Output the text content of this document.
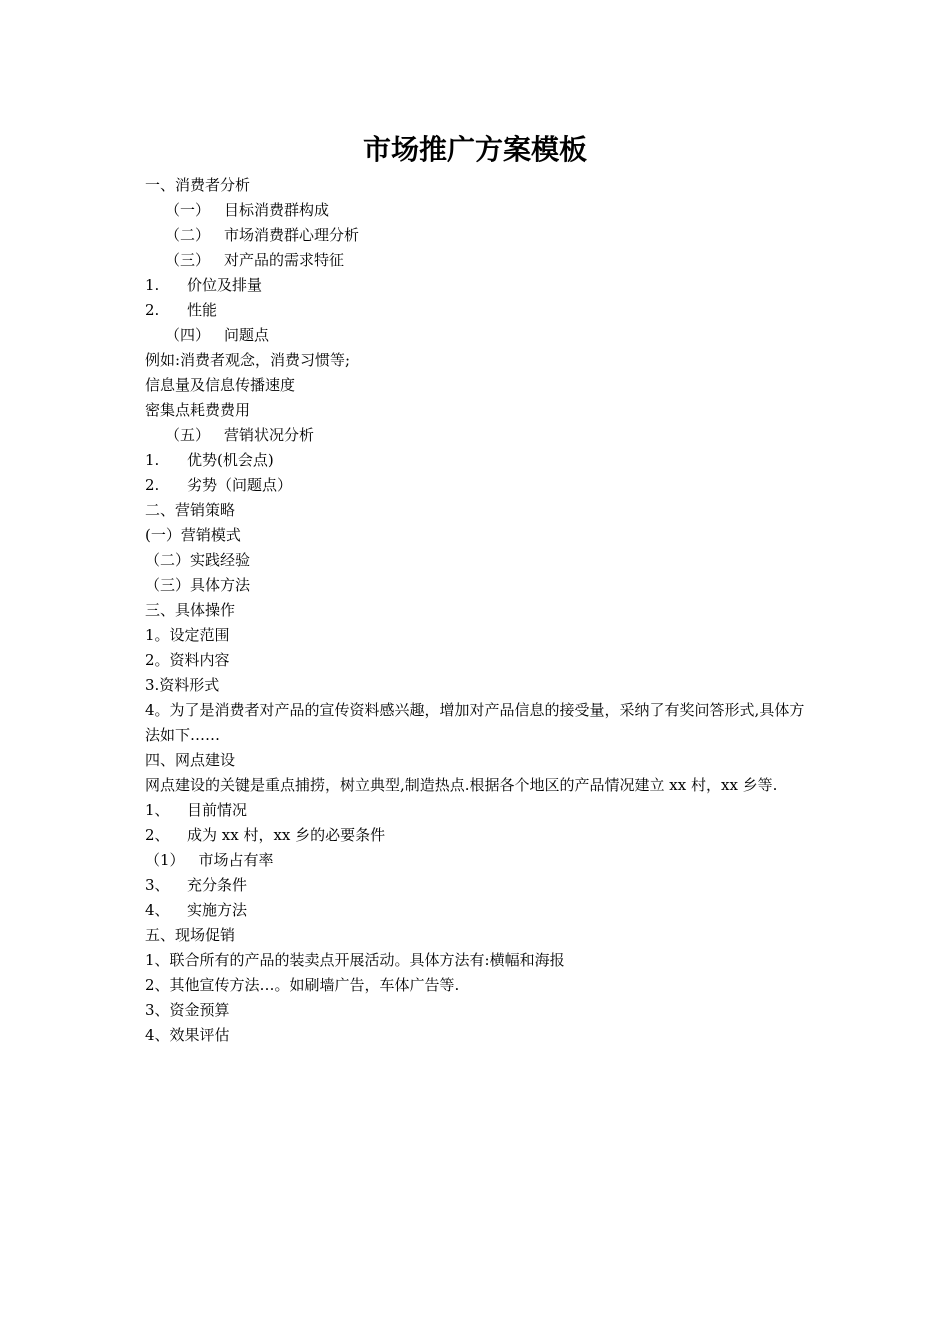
市场推广方案模板

一、消费者分析

（一） 目标消费群构成

（二） 市场消费群心理分析

（三） 对产品的需求特征

1. 价位及排量

2. 性能

（四） 问题点

例如:消费者观念，消费习惯等;

信息量及信息传播速度

密集点耗费费用

（五） 营销状况分析

1. 优势(机会点)

2. 劣势（问题点）

二、营销策略

(一）营销模式

（二）实践经验

（三）具体方法

三、具体操作

1。设定范围

2。资料内容

3.资料形式

4。为了是消费者对产品的宣传资料感兴趣，增加对产品信息的接受量，采纳了有奖问答形式,具体方法如下……

四、网点建设

网点建设的关键是重点捕捞，树立典型,制造热点.根据各个地区的产品情况建立 xx 村，xx 乡等.

1、 目前情况

2、 成为 xx 村，xx 乡的必要条件

（1） 市场占有率

3、 充分条件

4、 实施方法

五、现场促销

1、联合所有的产品的装卖点开展活动。具体方法有:横幅和海报

2、其他宣传方法…。如刷墙广告，车体广告等.

3、资金预算

4、效果评估
